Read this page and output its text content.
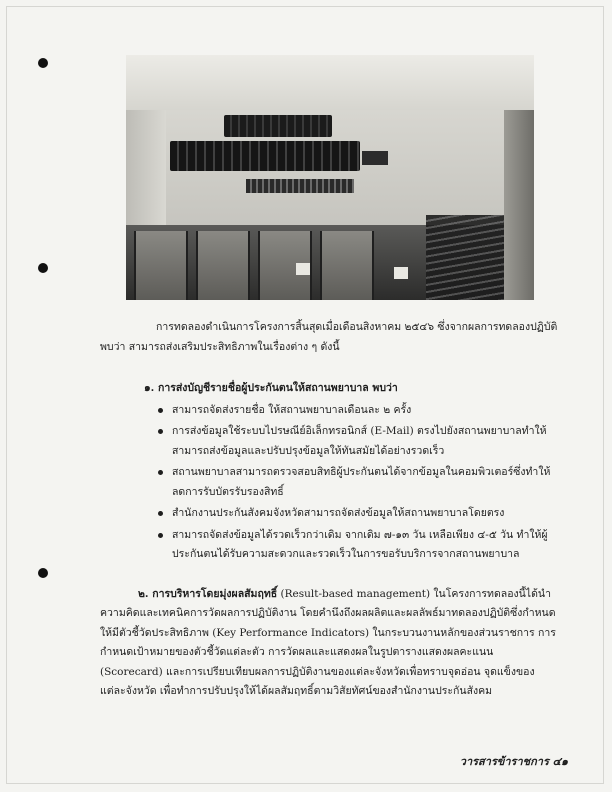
การทดลองดำเนินการโครงการสิ้นสุดเมื่อเดือนสิงหาคม ๒๕๔๖ ซึ่งจากผลการทดลองปฏิบัติ พบว่า สามารถส่งเสริมประสิทธิภาพในเรื่องต่าง ๆ ดังนี้

๑. การส่งบัญชีรายชื่อผู้ประกันตนให้สถานพยาบาล พบว่า

สามารถจัดส่งรายชื่อ ให้สถานพยาบาลเดือนละ ๒ ครั้ง
การส่งข้อมูลใช้ระบบไปรษณีย์อิเล็กทรอนิกส์ (E-Mail) ตรงไปยังสถานพยาบาลทำให้สามารถส่งข้อมูลและปรับปรุงข้อมูลให้ทันสมัยได้อย่างรวดเร็ว
สถานพยาบาลสามารถตรวจสอบสิทธิผู้ประกันตนได้จากข้อมูลในคอมพิวเตอร์ซึ่งทำให้ลดการรับบัตรรับรองสิทธิ์
สำนักงานประกันสังคมจังหวัดสามารถจัดส่งข้อมูลให้สถานพยาบาลโดยตรง
สามารถจัดส่งข้อมูลได้รวดเร็วกว่าเดิม จากเดิม ๗-๑๓ วัน เหลือเพียง ๔-๕ วัน ทำให้ผู้ประกันตนได้รับความสะดวกและรวดเร็วในการขอรับบริการจากสถานพยาบาล

๒. การบริหารโดยมุ่งผลสัมฤทธิ์ (Result-based management) ในโครงการทดลองนี้ได้นำความคิดและเทคนิคการวัดผลการปฏิบัติงาน โดยคำนึงถึงผลผลิตและผลลัพธ์มาทดลองปฏิบัติซึ่งกำหนดให้มีตัวชี้วัดประสิทธิภาพ (Key Performance Indicators) ในกระบวนงานหลักของส่วนราชการ การกำหนดเป้าหมายของตัวชี้วัดแต่ละตัว การวัดผลและแสดงผลในรูปตารางแสดงผลคะแนน (Scorecard) และการเปรียบเทียบผลการปฏิบัติงานของแต่ละจังหวัดเพื่อทราบจุดอ่อน จุดแข็งของแต่ละจังหวัด เพื่อทำการปรับปรุงให้ได้ผลสัมฤทธิ์ตามวิสัยทัศน์ของสำนักงานประกันสังคม

วารสารข้าราชการ ๔๑
